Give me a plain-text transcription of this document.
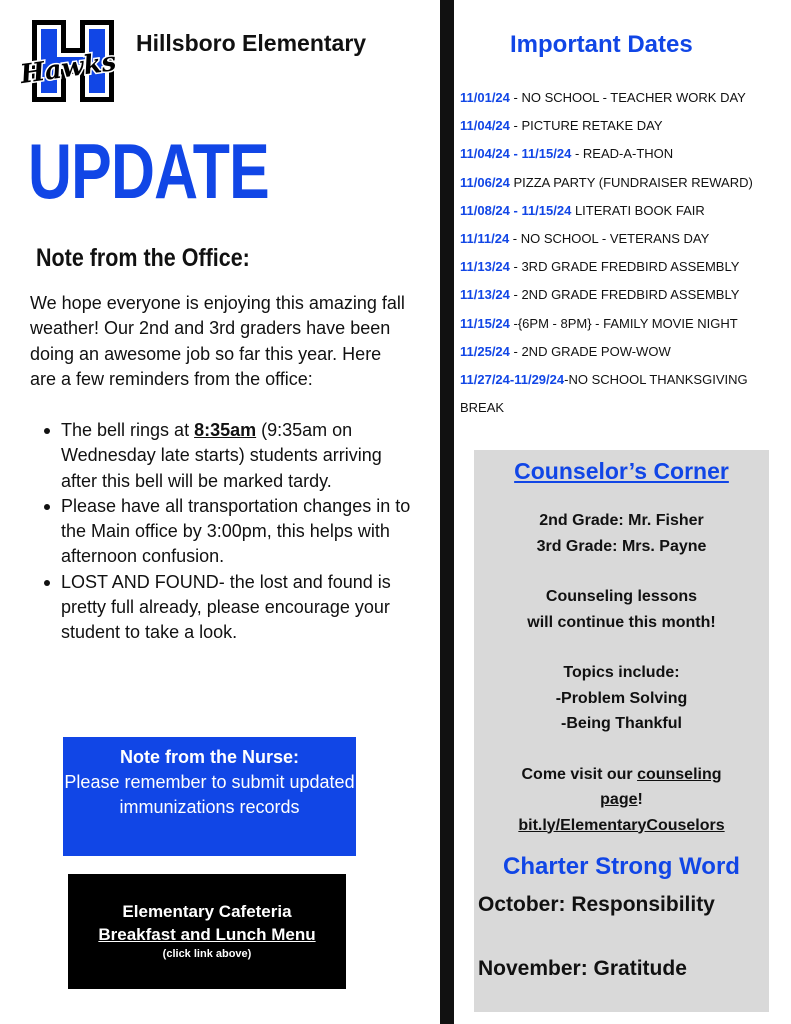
Hawks
Hillsboro Elementary
UPDATE
Note from the Office:

We hope everyone is enjoying this amazing fall weather! Our 2nd and 3rd graders have been doing an awesome job so far this year. Here are a few reminders from the office:

The bell rings at 8:35am (9:35am on Wednesday late starts) students arriving after this bell will be marked tardy.
Please have all transportation changes in to the Main office by 3:00pm, this helps with afternoon confusion.
LOST AND FOUND- the lost and found is pretty full already, please encourage your student to take a look.
Note from the Nurse:
Please remember to submit updated immunizations records
Elementary Cafeteria
Breakfast and Lunch Menu
(click link above)
Important Dates
11/01/24 - NO SCHOOL - TEACHER WORK DAY
11/04/24 - PICTURE RETAKE DAY
11/04/24 - 11/15/24 - READ-A-THON
11/06/24 PIZZA PARTY (FUNDRAISER REWARD)
11/08/24 - 11/15/24 LITERATI BOOK FAIR
11/11/24 - NO SCHOOL - VETERANS DAY
11/13/24 - 3RD GRADE FREDBIRD ASSEMBLY
11/13/24 - 2ND GRADE FREDBIRD ASSEMBLY
11/15/24 -{6PM - 8PM} - FAMILY MOVIE NIGHT
11/25/24 - 2ND GRADE POW-WOW
11/27/24-11/29/24-NO SCHOOL THANKSGIVING BREAK
Counselor’s Corner
2nd Grade: Mr. Fisher
3rd Grade: Mrs. Payne
Counseling lessons
will continue this month!
Topics include:
-Problem Solving
-Being Thankful
Come visit our counseling
page!
bit.ly/ElementaryCouselors
Charter Strong Word
October: Responsibility
November: Gratitude
